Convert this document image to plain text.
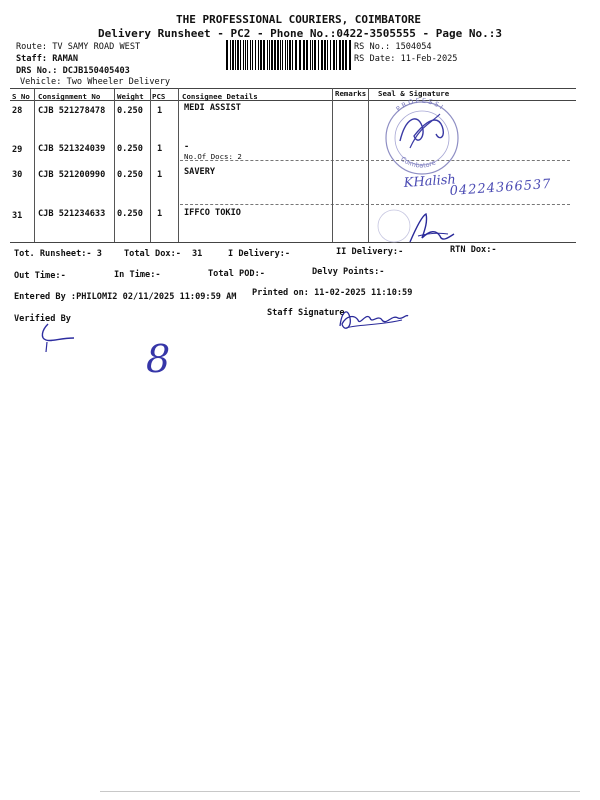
THE PROFESSIONAL COURIERS, COIMBATORE
Delivery Runsheet - PC2 - Phone No.:0422-3505555 - Page No.:3
Route: TV SAMY ROAD WEST
Staff: RAMAN
DRS No.: DCJB150405403
Vehicle: Two Wheeler Delivery
RS No.: 1504054
RS Date: 11-Feb-2025
S No Consignment No Weight PCS Consignee Details	Remarks Seal & Signature
28 CJB 521278478 0.250 1	MEDI ASSIST
29 CJB 521324039 0.250 1	-
No.Of Docs: 2
30 CJB 521200990 0.250 1	SAVERY
31 CJB 521234633 0.250 1	IFFCO TOKIO
P R O F E S S I
Coimbatore
KHalish
04224366537
Tot. Runsheet:- 3	Total Dox:- 31	I Delivery:-	II Delivery:-	RTN Dox:-
Out Time:-	In Time:-	Total POD:-	Delvy Points:-
Entered By :PHILOMI2 02/11/2025 11:09:59 AM Printed on: 11-02-2025 11:10:59
Verified By
Staff Signature
8
